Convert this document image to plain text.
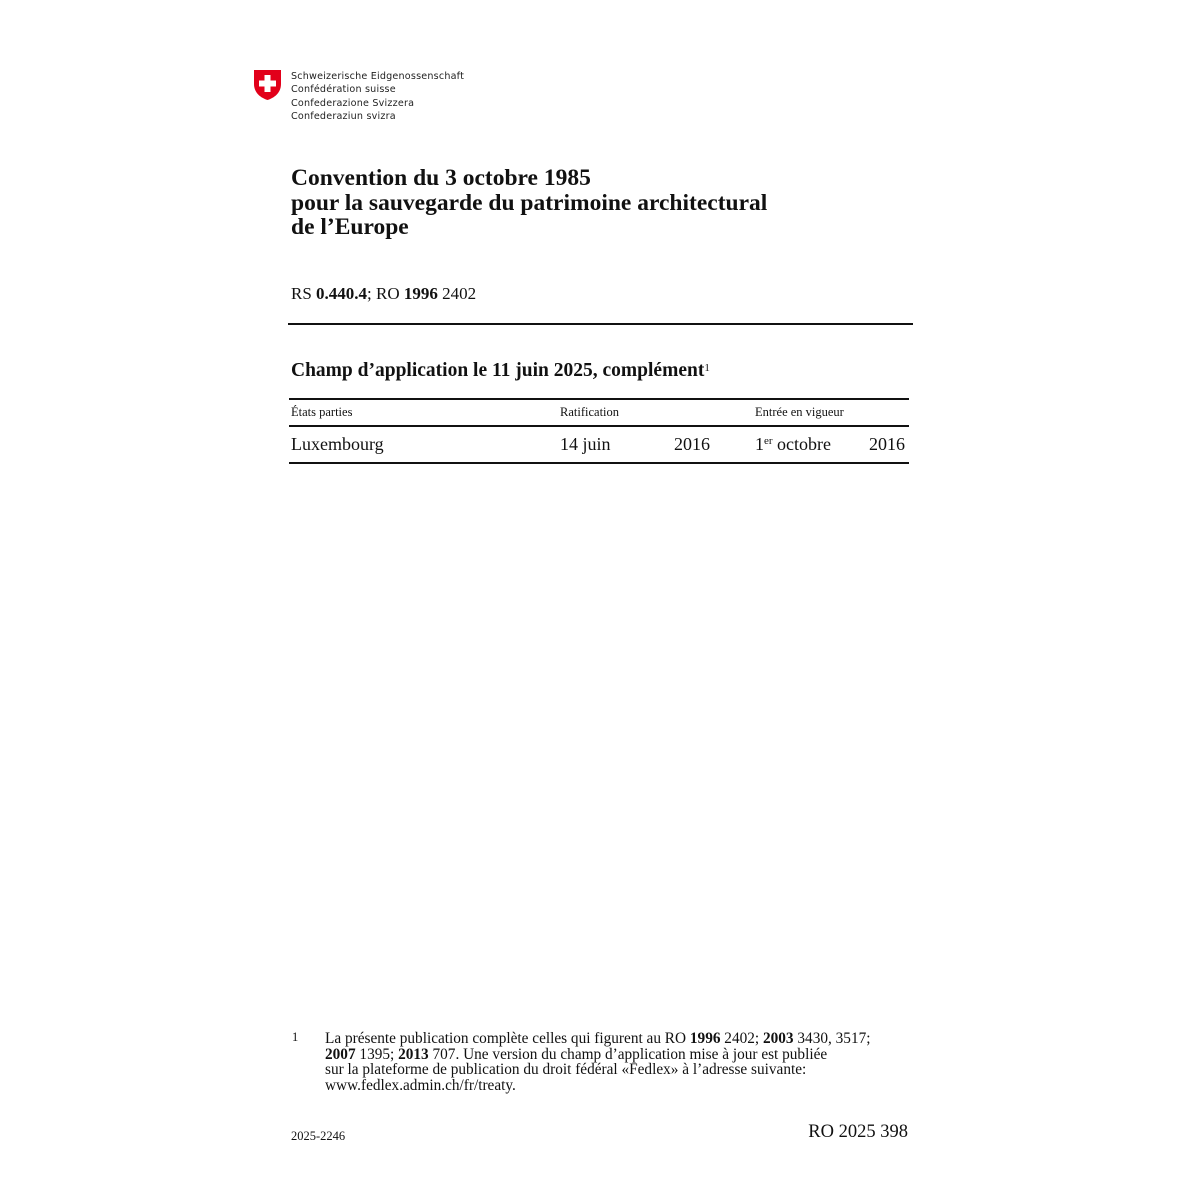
Schweizerische Eidgenossenschaft
Confédération suisse
Confederazione Svizzera
Confederaziun svizra
Convention du 3 octobre 1985
pour la sauvegarde du patrimoine architectural
de l’Europe
RS 0.440.4; RO 1996 2402
Champ d’application le 11 juin 2025, complément$^1$
États parties	Ratification	Entrée en vigueur
Luxembourg	14 juin	2016	1er octobre 2016
1 La présente publication complète celles qui figurent au RO 1996 2402; 2003 3430, 3517;
2007 1395; 2013 707. Une version du champ d’application mise à jour est publiée
sur la plateforme de publication du droit fédéral «Fedlex» à l’adresse suivante:
www.fedlex.admin.ch/fr/treaty.
2025-2246	RO 2025 398
